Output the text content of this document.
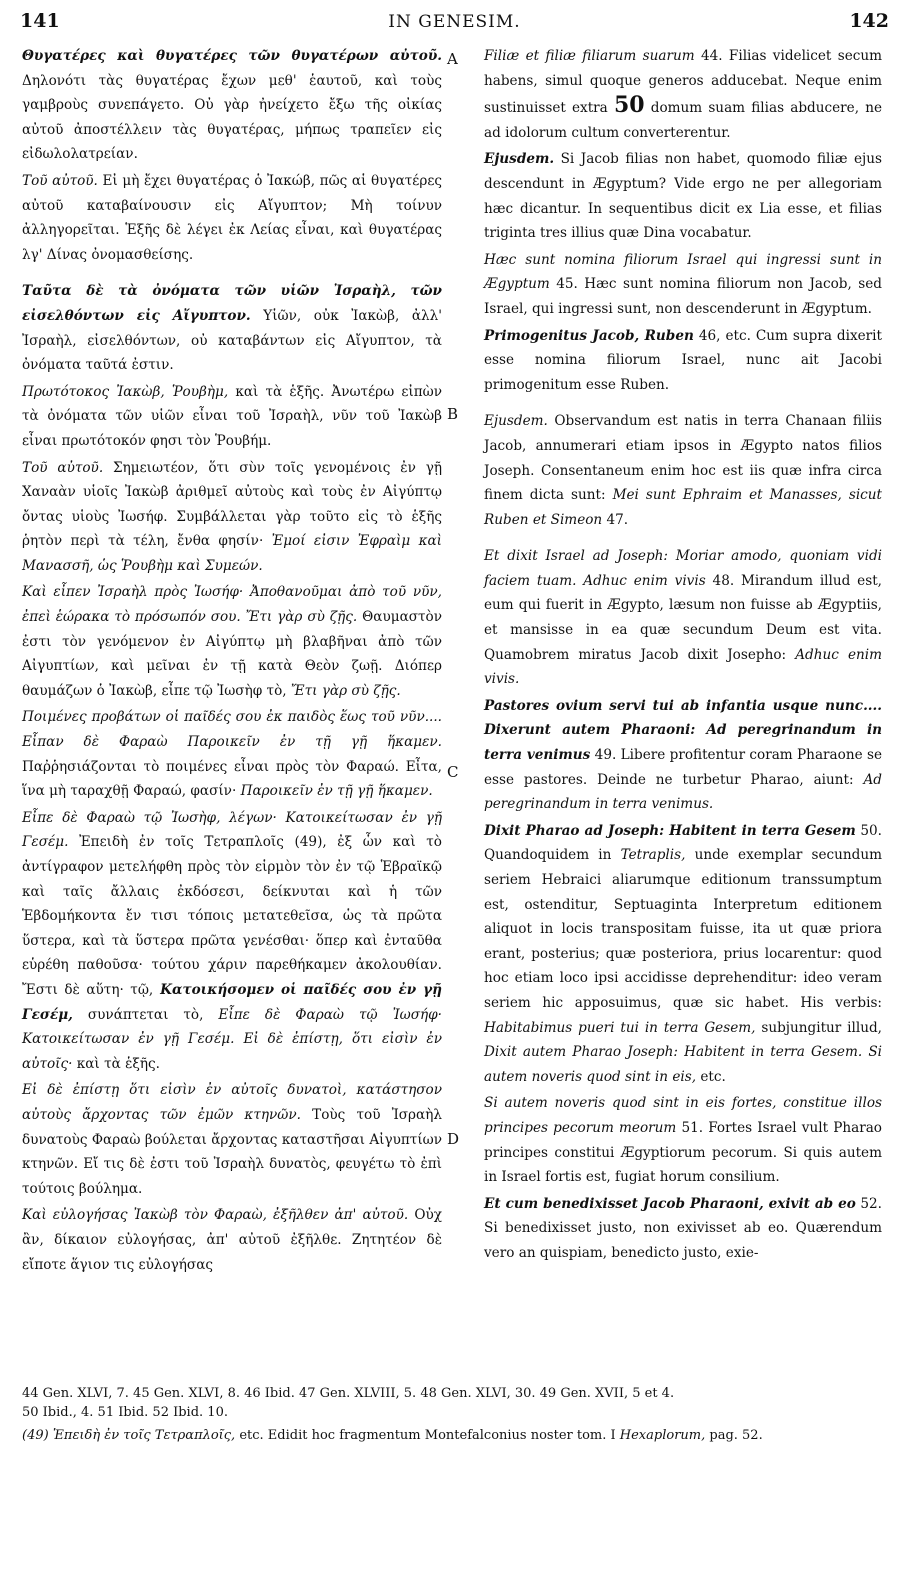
141	IN GENESIM.	142
A
B
C
D

Θυγατέρες καὶ θυγατέρες τῶν θυγατέρων αὐτοῦ. Δηλονότι τὰς θυγατέρας ἔχων μεθ' ἑαυτοῦ, καὶ τοὺς γαμβροὺς συνεπάγετο. Οὐ γὰρ ἠνείχετο ἔξω τῆς οἰκίας αὐτοῦ ἀποστέλλειν τὰς θυγατέρας, μήπως τραπεῖεν εἰς εἰδωλολατρείαν.

Τοῦ αὐτοῦ. Εἰ μὴ ἔχει θυγατέρας ὁ Ἰακώβ, πῶς αἱ θυγατέρες αὐτοῦ καταβαίνουσιν εἰς Αἴγυπτον; Μὴ τοίνυν ἀλληγορεῖται. Ἑξῆς δὲ λέγει ἐκ Λείας εἶναι, καὶ θυγατέρας λγ' Δίνας ὀνομασθείσης.

Ταῦτα δὲ τὰ ὀνόματα τῶν υἱῶν Ἰσραὴλ, τῶν εἰσελθόντων εἰς Αἴγυπτον. Υἱῶν, οὐκ Ἰακὼβ, ἀλλ' Ἰσραὴλ, εἰσελθόντων, οὐ καταβάντων εἰς Αἴγυπτον, τὰ ὀνόματα ταῦτά ἐστιν.

Πρωτότοκος Ἰακὼβ, Ῥουβὴμ, καὶ τὰ ἑξῆς. Ἀνωτέρω εἰπὼν τὰ ὀνόματα τῶν υἱῶν εἶναι τοῦ Ἰσραὴλ, νῦν τοῦ Ἰακὼβ εἶναι πρωτότοκόν φησι τὸν Ῥουβήμ.

Τοῦ αὐτοῦ. Σημειωτέον, ὅτι σὺν τοῖς γενομένοις ἐν γῇ Χαναὰν υἱοῖς Ἰακὼβ ἀριθμεῖ αὐτοὺς καὶ τοὺς ἐν Αἰγύπτῳ ὄντας υἱοὺς Ἰωσήφ. Συμβάλλεται γὰρ τοῦτο εἰς τὸ ἑξῆς ῥητὸν περὶ τὰ τέλη, ἔνθα φησίν· Ἐμοί εἰσιν Ἐφραὶμ καὶ Μανασσῆ, ὡς Ῥουβὴμ καὶ Συμεών.

Καὶ εἶπεν Ἰσραὴλ πρὸς Ἰωσήφ· Ἀποθανοῦμαι ἀπὸ τοῦ νῦν, ἐπεὶ ἑώρακα τὸ πρόσωπόν σου. Ἔτι γὰρ σὺ ζῇς. Θαυμαστὸν ἐστι τὸν γενόμενον ἐν Αἰγύπτῳ μὴ βλαβῆναι ἀπὸ τῶν Αἰγυπτίων, καὶ μεῖναι ἐν τῇ κατὰ Θεὸν ζωῇ. Διόπερ θαυμάζων ὁ Ἰακὼβ, εἶπε τῷ Ἰωσὴφ τὸ, Ἔτι γὰρ σὺ ζῇς.

Ποιμένες προβάτων οἱ παῖδές σου ἐκ παιδὸς ἕως τοῦ νῦν.... Εἶπαν δὲ Φαραὼ Παροικεῖν ἐν τῇ γῇ ἥκαμεν. Παῤῥησιάζονται τὸ ποιμένες εἶναι πρὸς τὸν Φαραώ. Εἶτα, ἵνα μὴ ταραχθῇ Φαραώ, φασίν· Παροικεῖν ἐν τῇ γῇ ἥκαμεν.

Εἶπε δὲ Φαραὼ τῷ Ἰωσὴφ, λέγων· Κατοικείτωσαν ἐν γῇ Γεσέμ. Ἐπειδὴ ἐν τοῖς Τετραπλοῖς (49), ἐξ ὧν καὶ τὸ ἀντίγραφον μετελήφθη πρὸς τὸν εἱρμὸν τὸν ἐν τῷ Ἑβραϊκῷ καὶ ταῖς ἄλλαις ἐκδόσεσι, δείκνυται καὶ ἡ τῶν Ἑβδομήκοντα ἔν τισι τόποις μετατεθεῖσα, ὡς τὰ πρῶτα ὕστερα, καὶ τὰ ὕστερα πρῶτα γενέσθαι· ὅπερ καὶ ἐνταῦθα εὑρέθη παθοῦσα· τούτου χάριν παρεθήκαμεν ἀκολουθίαν. Ἔστι δὲ αὕτη· τῷ, Κατοικήσομεν οἱ παῖδές σου ἐν γῇ Γεσέμ, συνάπτεται τὸ, Εἶπε δὲ Φαραὼ τῷ Ἰωσήφ· Κατοικείτωσαν ἐν γῇ Γεσέμ. Εἰ δὲ ἐπίστῃ, ὅτι εἰσὶν ἐν αὐτοῖς· καὶ τὰ ἑξῆς.

Εἰ δὲ ἐπίστῃ ὅτι εἰσὶν ἐν αὐτοῖς δυνατοὶ, κατάστησον αὐτοὺς ἄρχοντας τῶν ἐμῶν κτηνῶν. Τοὺς τοῦ Ἰσραὴλ δυνατοὺς Φαραὼ βούλεται ἄρχοντας καταστῆσαι Αἰγυπτίων κτηνῶν. Εἴ τις δὲ ἐστι τοῦ Ἰσραὴλ δυνατὸς, φευγέτω τὸ ἐπὶ τούτοις βούλημα.

Καὶ εὐλογήσας Ἰακὼβ τὸν Φαραὼ, ἐξῆλθεν ἀπ' αὐτοῦ. Οὐχ ἂν, δίκαιον εὐλογήσας, ἀπ' αὐτοῦ ἐξῆλθε. Ζητητέον δὲ εἴποτε ἅγιον τις εὐλογήσας

Filiæ et filiæ filiarum suarum 44. Filias videlicet secum habens, simul quoque generos adducebat. Neque enim sustinuisset extra 50 domum suam filias abducere, ne ad idolorum cultum converterentur.

Ejusdem. Si Jacob filias non habet, quomodo filiæ ejus descendunt in Ægyptum? Vide ergo ne per allegoriam hæc dicantur. In sequentibus dicit ex Lia esse, et filias triginta tres illius quæ Dina vocabatur.

Hæc sunt nomina filiorum Israel qui ingressi sunt in Ægyptum 45. Hæc sunt nomina filiorum non Jacob, sed Israel, qui ingressi sunt, non descenderunt in Ægyptum.

Primogenitus Jacob, Ruben 46, etc. Cum supra dixerit esse nomina filiorum Israel, nunc ait Jacobi primogenitum esse Ruben.

Ejusdem. Observandum est natis in terra Chanaan filiis Jacob, annumerari etiam ipsos in Ægypto natos filios Joseph. Consentaneum enim hoc est iis quæ infra circa finem dicta sunt: Mei sunt Ephraim et Manasses, sicut Ruben et Simeon 47.

Et dixit Israel ad Joseph: Moriar amodo, quoniam vidi faciem tuam. Adhuc enim vivis 48. Mirandum illud est, eum qui fuerit in Ægypto, læsum non fuisse ab Ægyptiis, et mansisse in ea quæ secundum Deum est vita. Quamobrem miratus Jacob dixit Josepho: Adhuc enim vivis.

Pastores ovium servi tui ab infantia usque nunc.... Dixerunt autem Pharaoni: Ad peregrinandum in terra venimus 49. Libere profitentur coram Pharaone se esse pastores. Deinde ne turbetur Pharao, aiunt: Ad peregrinandum in terra venimus.

Dixit Pharao ad Joseph: Habitent in terra Gesem 50. Quandoquidem in Tetraplis, unde exemplar secundum seriem Hebraici aliarumque editionum transsumptum est, ostenditur, Septuaginta Interpretum editionem aliquot in locis transpositam fuisse, ita ut quæ priora erant, posterius; quæ posteriora, prius locarentur: quod hoc etiam loco ipsi accidisse deprehenditur: ideo veram seriem hic apposuimus, quæ sic habet. His verbis: Habitabimus pueri tui in terra Gesem, subjungitur illud, Dixit autem Pharao Joseph: Habitent in terra Gesem. Si autem noveris quod sint in eis, etc.

Si autem noveris quod sint in eis fortes, constitue illos principes pecorum meorum 51. Fortes Israel vult Pharao principes constitui Ægyptiorum pecorum. Si quis autem in Israel fortis est, fugiat horum consilium.

Et cum benedixisset Jacob Pharaoni, exivit ab eo 52. Si benedixisset justo, non exivisset ab eo. Quærendum vero an quispiam, benedicto justo, exie-

44 Gen. XLVI, 7. 45 Gen. XLVI, 8. 46 Ibid. 47 Gen. XLVIII, 5. 48 Gen. XLVI, 30. 49 Gen. XVII, 5 et 4.
50 Ibid., 4. 51 Ibid. 52 Ibid. 10.
(49) Ἐπειδὴ ἐν τοῖς Τετραπλοῖς, etc. Edidit hoc fragmentum Montefalconius noster tom. I Hexaplorum, pag. 52.
